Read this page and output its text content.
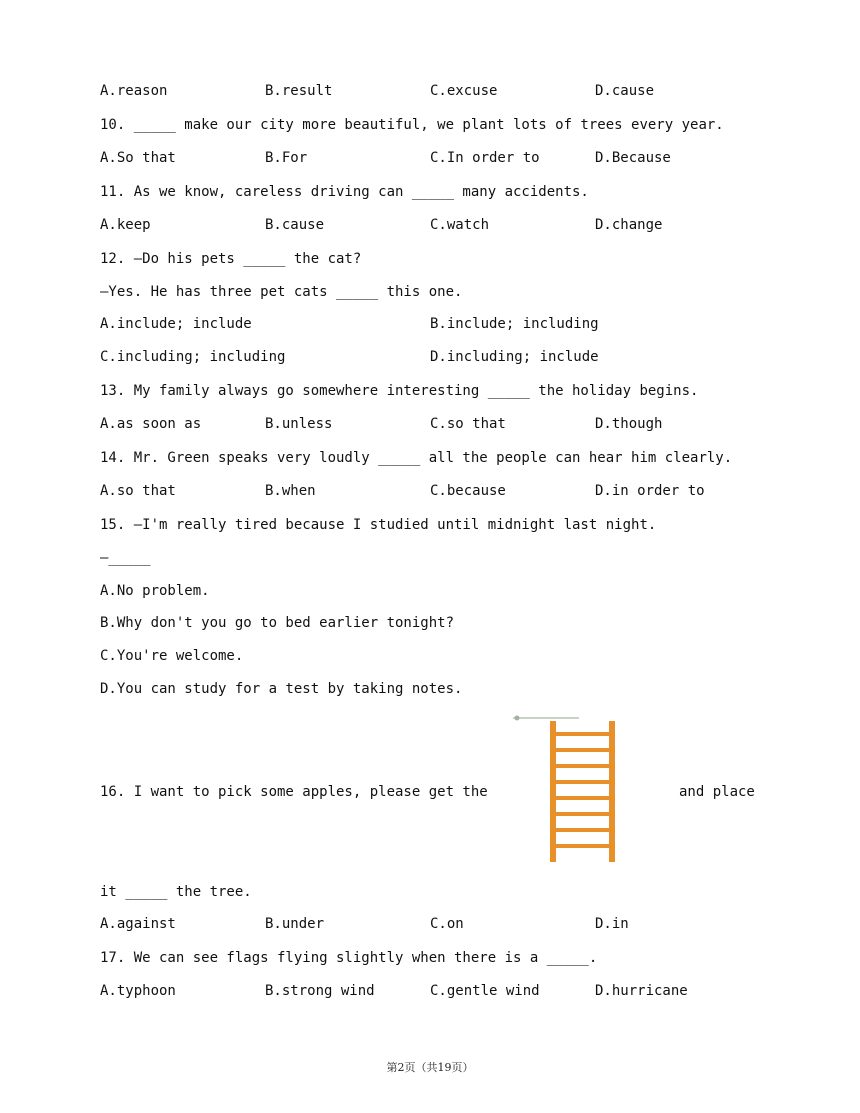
A.reason	B.result	C.excuse	D.cause
10. _____ make our city more beautiful, we plant lots of trees every year.
A.So that	B.For	C.In order to	D.Because
11. As we know, careless driving can _____ many accidents.
A.keep	B.cause	C.watch	D.change
12. —Do his pets _____ the cat?
—Yes. He has three pet cats _____ this one.
A.include; include	B.include; including
C.including; including	D.including; include
13. My family always go somewhere interesting _____ the holiday begins.
A.as soon as	B.unless	C.so that	D.though
14. Mr. Green speaks very loudly _____ all the people can hear him clearly.
A.so that	B.when	C.because	D.in order to
15. —I'm really tired because I studied until midnight last night.
—_____
A.No problem.
B.Why don't you go to bed earlier tonight?
C.You're welcome.
D.You can study for a test by taking notes.
16. I want to pick some apples, please get the	and place
it _____ the tree.
A.against	B.under	C.on	D.in
17. We can see flags flying slightly when there is a _____.
A.typhoon	B.strong wind	C.gentle wind	D.hurricane
第2页（共19页）
